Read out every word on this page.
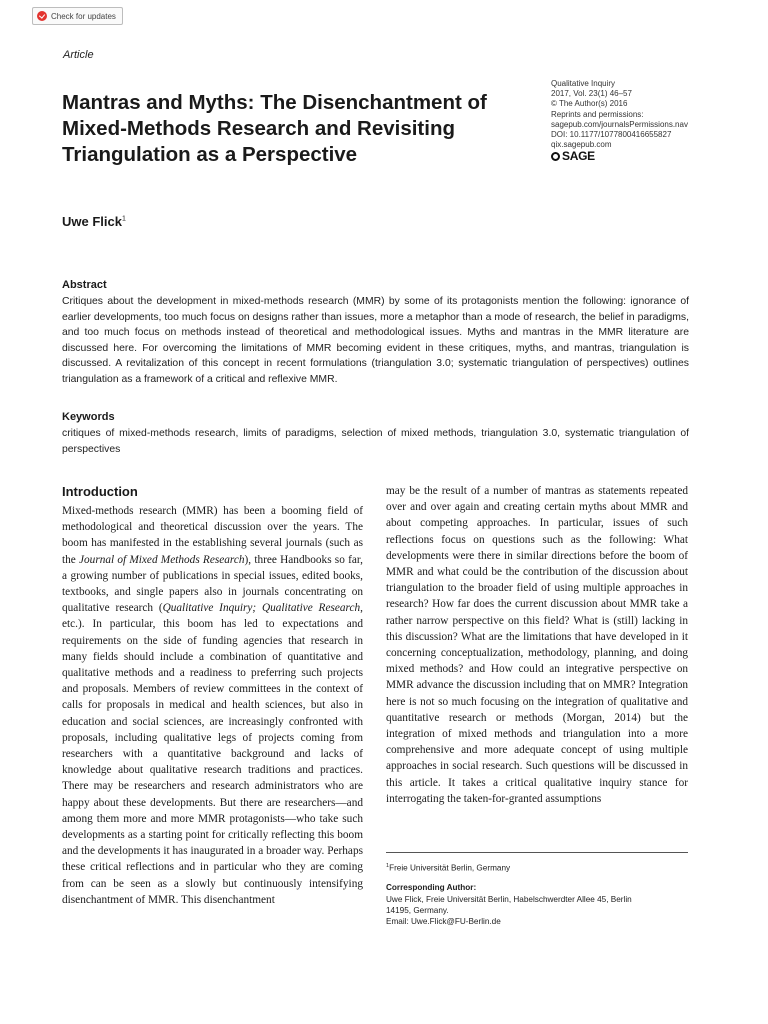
Check for updates
Article
Mantras and Myths: The Disenchantment of Mixed-Methods Research and Revisiting Triangulation as a Perspective
Qualitative Inquiry
2017, Vol. 23(1) 46–57
© The Author(s) 2016
Reprints and permissions:
sagepub.com/journalsPermissions.nav
DOI: 10.1177/1077800416655827
qix.sagepub.com
SAGE
Uwe Flick$^1$
Abstract

Critiques about the development in mixed-methods research (MMR) by some of its protagonists mention the following: ignorance of earlier developments, too much focus on designs rather than issues, more a metaphor than a mode of research, the belief in paradigms, and too much focus on methods instead of theoretical and methodological issues. Myths and mantras in the MMR literature are discussed here. For overcoming the limitations of MMR becoming evident in these critiques, myths, and mantras, triangulation is discussed. A revitalization of this concept in recent formulations (triangulation 3.0; systematic triangulation of perspectives) outlines triangulation as a framework of a critical and reflexive MMR.

Keywords

critiques of mixed-methods research, limits of paradigms, selection of mixed methods, triangulation 3.0, systematic triangulation of perspectives

Introduction

Mixed-methods research (MMR) has been a booming field of methodological and theoretical discussion over the years. The boom has manifested in the establishing several journals (such as the Journal of Mixed Methods Research), three Handbooks so far, a growing number of publications in special issues, edited books, textbooks, and single papers also in journals concentrating on qualitative research (Qualitative Inquiry; Qualitative Research, etc.). In particular, this boom has led to expectations and requirements on the side of funding agencies that research in many fields should include a combination of quantitative and qualitative methods and a readiness to preferring such projects and proposals. Members of review committees in the context of calls for proposals in medical and health sciences, but also in education and social sciences, are increasingly confronted with proposals, including qualitative legs of projects coming from researchers with a quantitative background and lacks of knowledge about qualitative research traditions and practices. There may be researchers and research administrators who are happy about these developments. But there are researchers—and among them more and more MMR protagonists—who take such developments as a starting point for critically reflecting this boom and the developments it has inaugurated in a broader way. Perhaps these critical reflections and in particular who they are coming from can be seen as a slowly but continuously intensifying disenchantment of MMR. This disenchantment

may be the result of a number of mantras as statements repeated over and over again and creating certain myths about MMR and about competing approaches. In particular, issues of such reflections focus on questions such as the following: What developments were there in similar directions before the boom of MMR and what could be the contribution of the discussion about triangulation to the broader field of using multiple approaches in research? How far does the current discussion about MMR take a rather narrow perspective on this field? What is (still) lacking in this discussion? What are the limitations that have developed in it concerning conceptualization, methodology, planning, and doing mixed methods? and How could an integrative perspective on MMR advance the discussion including that on MMR? Integration here is not so much focusing on the integration of qualitative and quantitative research or methods (Morgan, 2014) but the integration of mixed methods and triangulation into a more comprehensive and more adequate concept of using multiple approaches in social research. Such questions will be discussed in this article. It takes a critical qualitative inquiry stance for interrogating the taken-for-granted assumptions

$^1$Freie Universität Berlin, Germany
Corresponding Author:
Uwe Flick, Freie Universität Berlin, Habelschwerdter Allee 45, Berlin
14195, Germany.
Email: Uwe.Flick@FU-Berlin.de
